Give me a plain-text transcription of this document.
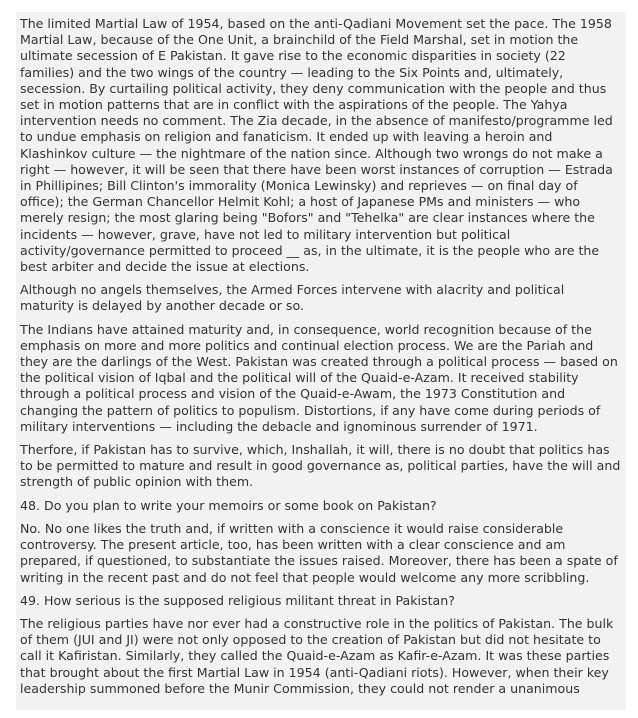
The limited Martial Law of 1954, based on the anti-Qadiani Movement set the pace. The 1958 Martial Law, because of the One Unit, a brainchild of the Field Marshal, set in motion the ultimate secession of E Pakistan. It gave rise to the economic disparities in society (22 families) and the two wings of the country — leading to the Six Points and, ultimately, secession. By curtailing political activity, they deny communication with the people and thus set in motion patterns that are in conflict with the aspirations of the people. The Yahya intervention needs no comment. The Zia decade, in the absence of manifesto/programme led to undue emphasis on religion and fanaticism. It ended up with leaving a heroin and Klashinkov culture — the nightmare of the nation since. Although two wrongs do not make a right — however, it will be seen that there have been worst instances of corruption — Estrada in Phillipines; Bill Clinton's immorality (Monica Lewinsky) and reprieves — on final day of office); the German Chancellor Helmit Kohl; a host of Japanese PMs and ministers — who merely resign; the most glaring being "Bofors" and "Tehelka" are clear instances where the incidents — however, grave, have not led to military intervention but political activity/governance permitted to proceed __ as, in the ultimate, it is the people who are the best arbiter and decide the issue at elections.

Although no angels themselves, the Armed Forces intervene with alacrity and political maturity is delayed by another decade or so.

The Indians have attained maturity and, in consequence, world recognition because of the emphasis on more and more politics and continual election process. We are the Pariah and they are the darlings of the West. Pakistan was created through a political process — based on the political vision of Iqbal and the political will of the Quaid-e-Azam. It received stability through a political process and vision of the Quaid-e-Awam, the 1973 Constitution and changing the pattern of politics to populism. Distortions, if any have come during periods of military interventions — including the debacle and ignominous surrender of 1971.

Therfore, if Pakistan has to survive, which, Inshallah, it will, there is no doubt that politics has to be permitted to mature and result in good governance as, political parties, have the will and strength of public opinion with them.

48. Do you plan to write your memoirs or some book on Pakistan?

No. No one likes the truth and, if written with a conscience it would raise considerable controversy. The present article, too, has been written with a clear conscience and am prepared, if questioned, to substantiate the issues raised. Moreover, there has been a spate of writing in the recent past and do not feel that people would welcome any more scribbling.

49. How serious is the supposed religious militant threat in Pakistan?

The religious parties have nor ever had a constructive role in the politics of Pakistan. The bulk of them (JUI and JI) were not only opposed to the creation of Pakistan but did not hesitate to call it Kafiristan. Similarly, they called the Quaid-e-Azam as Kafir-e-Azam. It was these parties that brought about the first Martial Law in 1954 (anti-Qadiani riots). However, when their key leadership summoned before the Munir Commission, they could not render a unanimous
